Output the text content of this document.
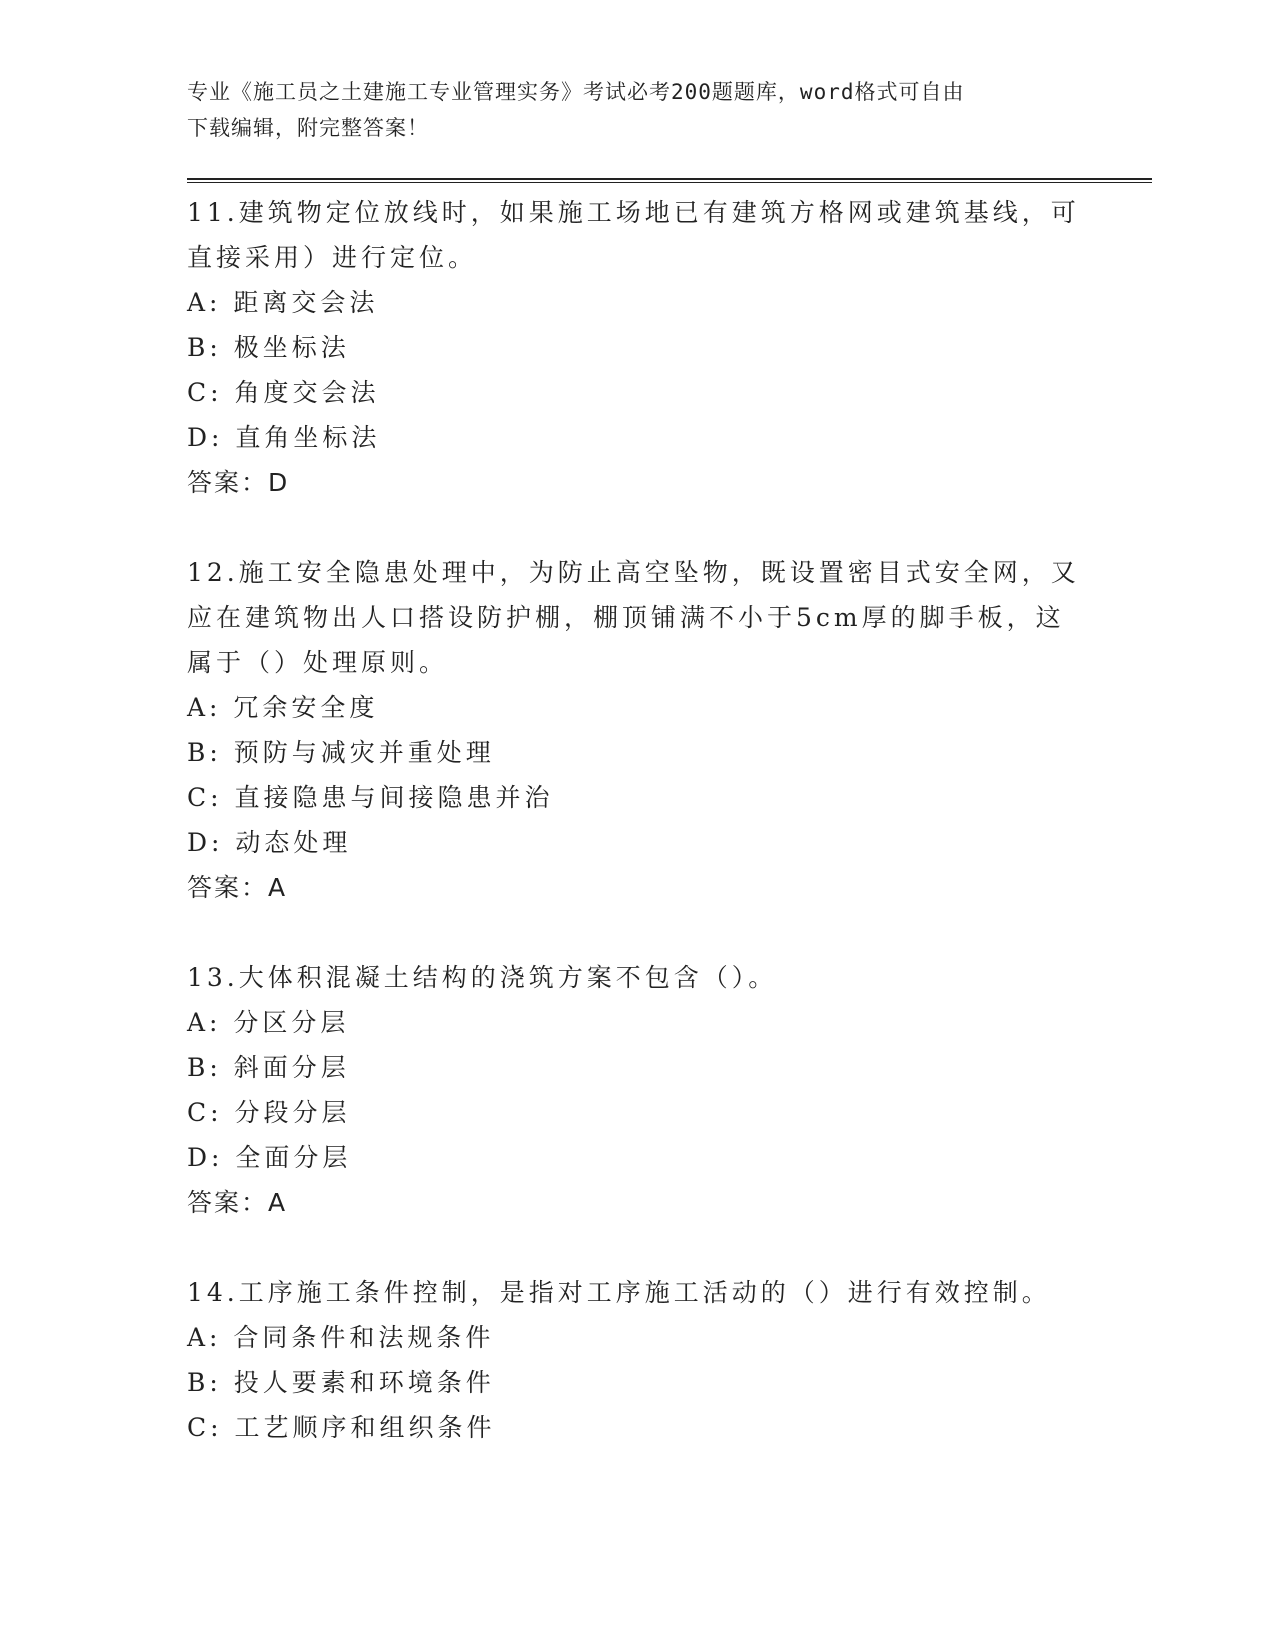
专业《施工员之土建施工专业管理实务》考试必考200题题库，word格式可自由
下载编辑，附完整答案！
11.建筑物定位放线时，如果施工场地已有建筑方格网或建筑基线，可
直接采用）进行定位。
A: 距离交会法
B: 极坐标法
C: 角度交会法
D: 直角坐标法
答案：D
12.施工安全隐患处理中，为防止高空坠物，既设置密目式安全网，又
应在建筑物出人口搭设防护棚，棚顶铺满不小于5cm厚的脚手板，这
属于（）处理原则。
A: 冗余安全度
B: 预防与减灾并重处理
C: 直接隐患与间接隐患并治
D: 动态处理
答案：A
13.大体积混凝土结构的浇筑方案不包含（）。
A: 分区分层
B: 斜面分层
C: 分段分层
D: 全面分层
答案：A
14.工序施工条件控制，是指对工序施工活动的（）进行有效控制。
A: 合同条件和法规条件
B: 投人要素和环境条件
C: 工艺顺序和组织条件
